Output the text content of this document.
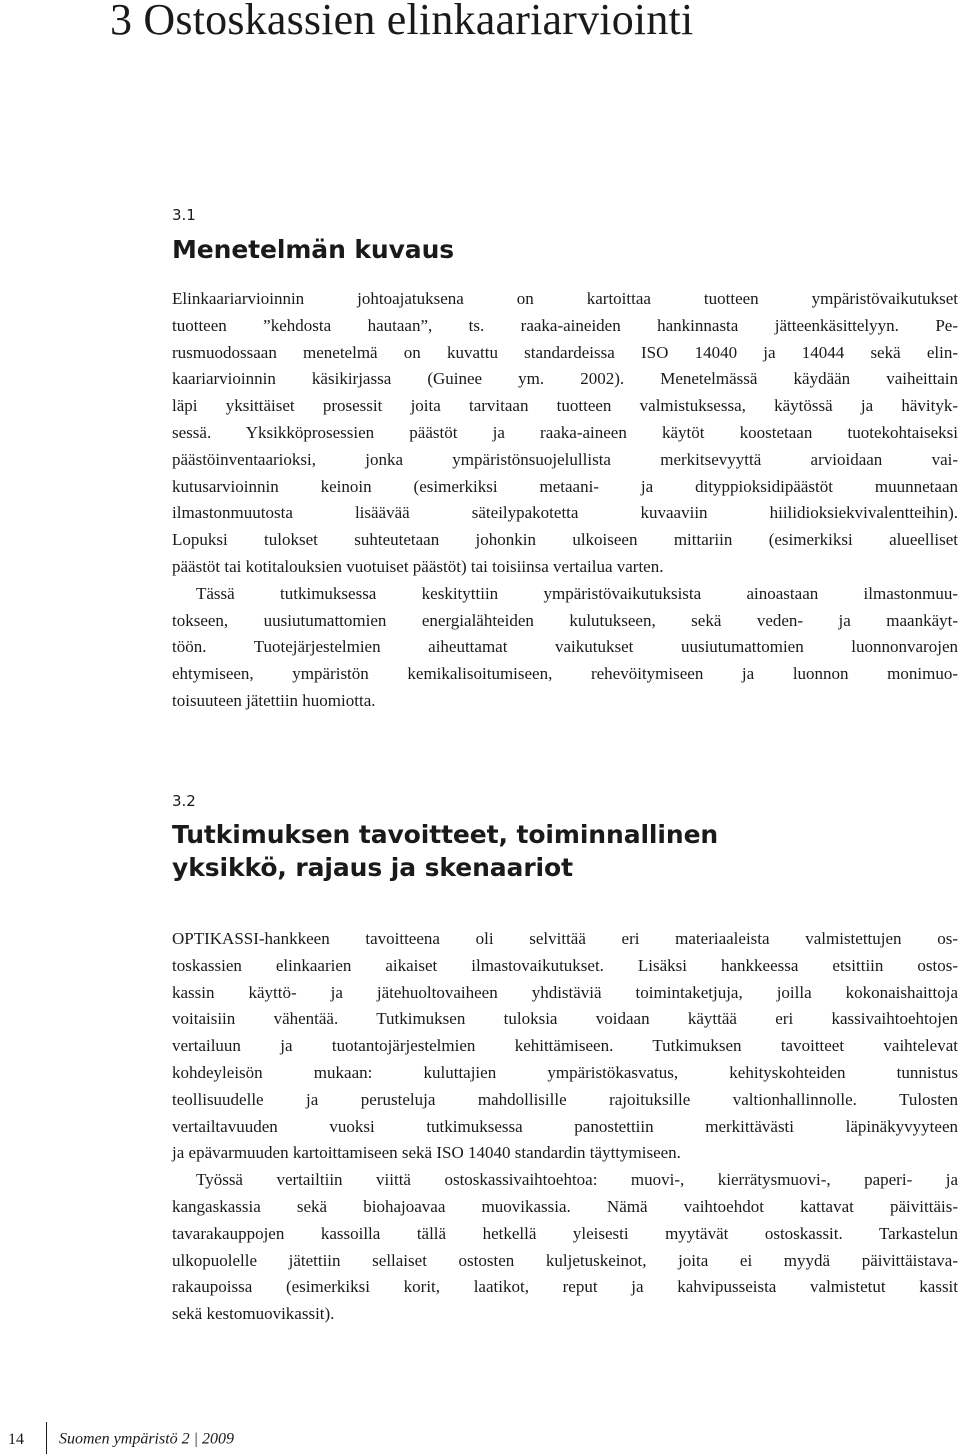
3 Ostoskassien elinkaariarviointi
3.1
Menetelmän kuvaus

Elinkaariarvioinnin johtoajatuksena on kartoittaa tuotteen ympäristövaikutukset
tuotteen ”kehdosta hautaan”, ts. raaka-aineiden hankinnasta jätteenkäsittelyyn. Pe-
rusmuodossaan menetelmä on kuvattu standardeissa ISO 14040 ja 14044 sekä elin-
kaariarvioinnin käsikirjassa (Guinee ym. 2002). Menetelmässä käydään vaiheittain
läpi yksittäiset prosessit joita tarvitaan tuotteen valmistuksessa, käytössä ja hävityk-
sessä. Yksikköprosessien päästöt ja raaka-aineen käytöt koostetaan tuotekohtaiseksi
päästöinventaarioksi, jonka ympäristönsuojelullista merkitsevyyttä arvioidaan vai-
kutusarvioinnin keinoin (esimerkiksi metaani- ja dityppioksidipäästöt muunnetaan
ilmastonmuutosta lisäävää säteilypakotetta kuvaaviin hiilidioksiekvivalentteihin).
Lopuksi tulokset suhteutetaan johonkin ulkoiseen mittariin (esimerkiksi alueelliset
päästöt tai kotitalouksien vuotuiset päästöt) tai toisiinsa vertailua varten.

Tässä tutkimuksessa keskityttiin ympäristövaikutuksista ainoastaan ilmastonmuu-
tokseen, uusiutumattomien energialähteiden kulutukseen, sekä veden- ja maankäyt-
töön. Tuotejärjestelmien aiheuttamat vaikutukset uusiutumattomien luonnonvarojen
ehtymiseen, ympäristön kemikalisoitumiseen, rehevöitymiseen ja luonnon monimuo-
toisuuteen jätettiin huomiotta.

3.2
Tutkimuksen tavoitteet, toiminnallinen
yksikkö, rajaus ja skenaariot

OPTIKASSI-hankkeen tavoitteena oli selvittää eri materiaaleista valmistettujen os-
toskassien elinkaarien aikaiset ilmastovaikutukset. Lisäksi hankkeessa etsittiin ostos-
kassin käyttö- ja jätehuoltovaiheen yhdistäviä toimintaketjuja, joilla kokonaishaittoja
voitaisiin vähentää. Tutkimuksen tuloksia voidaan käyttää eri kassivaihtoehtojen
vertailuun ja tuotantojärjestelmien kehittämiseen. Tutkimuksen tavoitteet vaihtelevat
kohdeyleisön mukaan: kuluttajien ympäristökasvatus, kehityskohteiden tunnistus
teollisuudelle ja perusteluja mahdollisille rajoituksille valtionhallinnolle. Tulosten
vertailtavuuden vuoksi tutkimuksessa panostettiin merkittävästi läpinäkyvyyteen
ja epävarmuuden kartoittamiseen sekä ISO 14040 standardin täyttymiseen.

Työssä vertailtiin viittä ostoskassivaihtoehtoa: muovi-, kierrätysmuovi-, paperi- ja
kangaskassia sekä biohajoavaa muovikassia. Nämä vaihtoehdot kattavat päivittäis-
tavarakauppojen kassoilla tällä hetkellä yleisesti myytävät ostoskassit. Tarkastelun
ulkopuolelle jätettiin sellaiset ostosten kuljetuskeinot, joita ei myydä päivittäistava-
rakaupoissa (esimerkiksi korit, laatikot, reput ja kahvipusseista valmistetut kassit
sekä kestomuovikassit).

14 Suomen ympäristö 2 | 2009
